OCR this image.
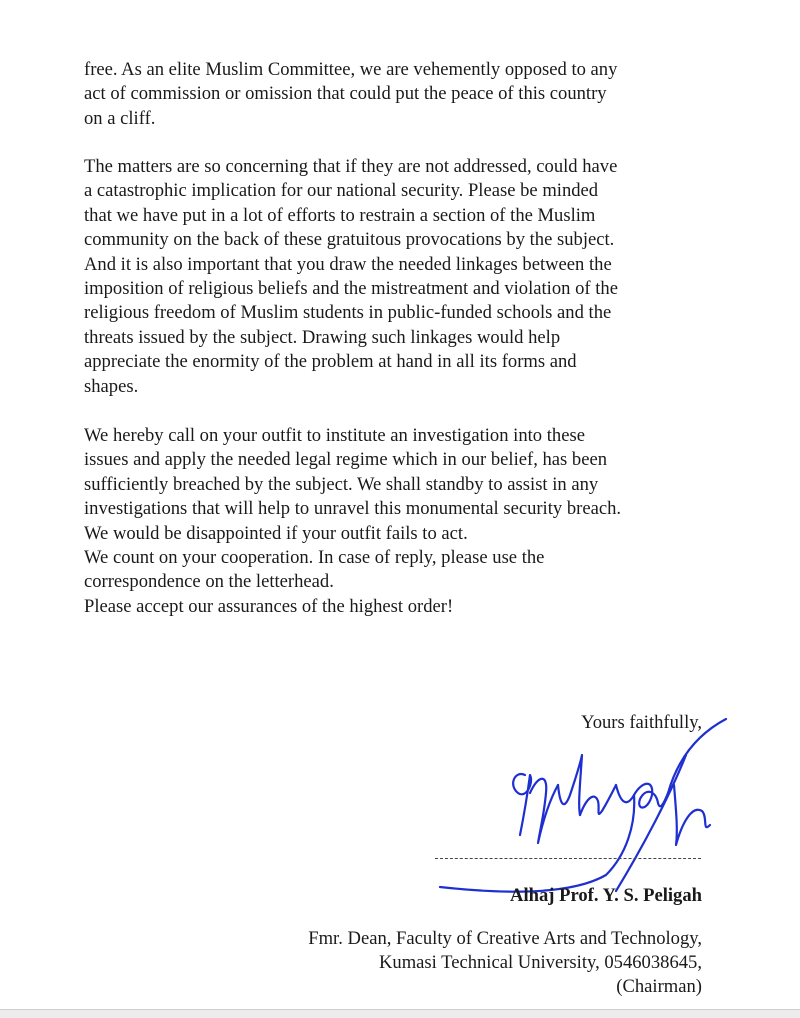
free. As an elite Muslim Committee, we are vehemently opposed to any

act of commission or omission that could put the peace of this country

on a cliff.

The matters are so concerning that if they are not addressed, could have

a catastrophic implication for our national security. Please be minded

that we have put in a lot of efforts to restrain a section of the Muslim

community on the back of these gratuitous provocations by the subject.

And it is also important that you draw the needed linkages between the

imposition of religious beliefs and the mistreatment and violation of the

religious freedom of Muslim students in public-funded schools and the

threats issued by the subject. Drawing such linkages would help

appreciate the enormity of the problem at hand in all its forms and

shapes.

We hereby call on your outfit to institute an investigation into these

issues and apply the needed legal regime which in our belief, has been

sufficiently breached by the subject. We shall standby to assist in any

investigations that will help to unravel this monumental security breach.

We would be disappointed if your outfit fails to act.

We count on your cooperation. In case of reply, please use the

correspondence on the letterhead.

Please accept our assurances of the highest order!

Yours faithfully,
Alhaj Prof. Y. S. Peligah
Fmr. Dean, Faculty of Creative Arts and Technology,
Kumasi Technical University, 0546038645,
(Chairman)
